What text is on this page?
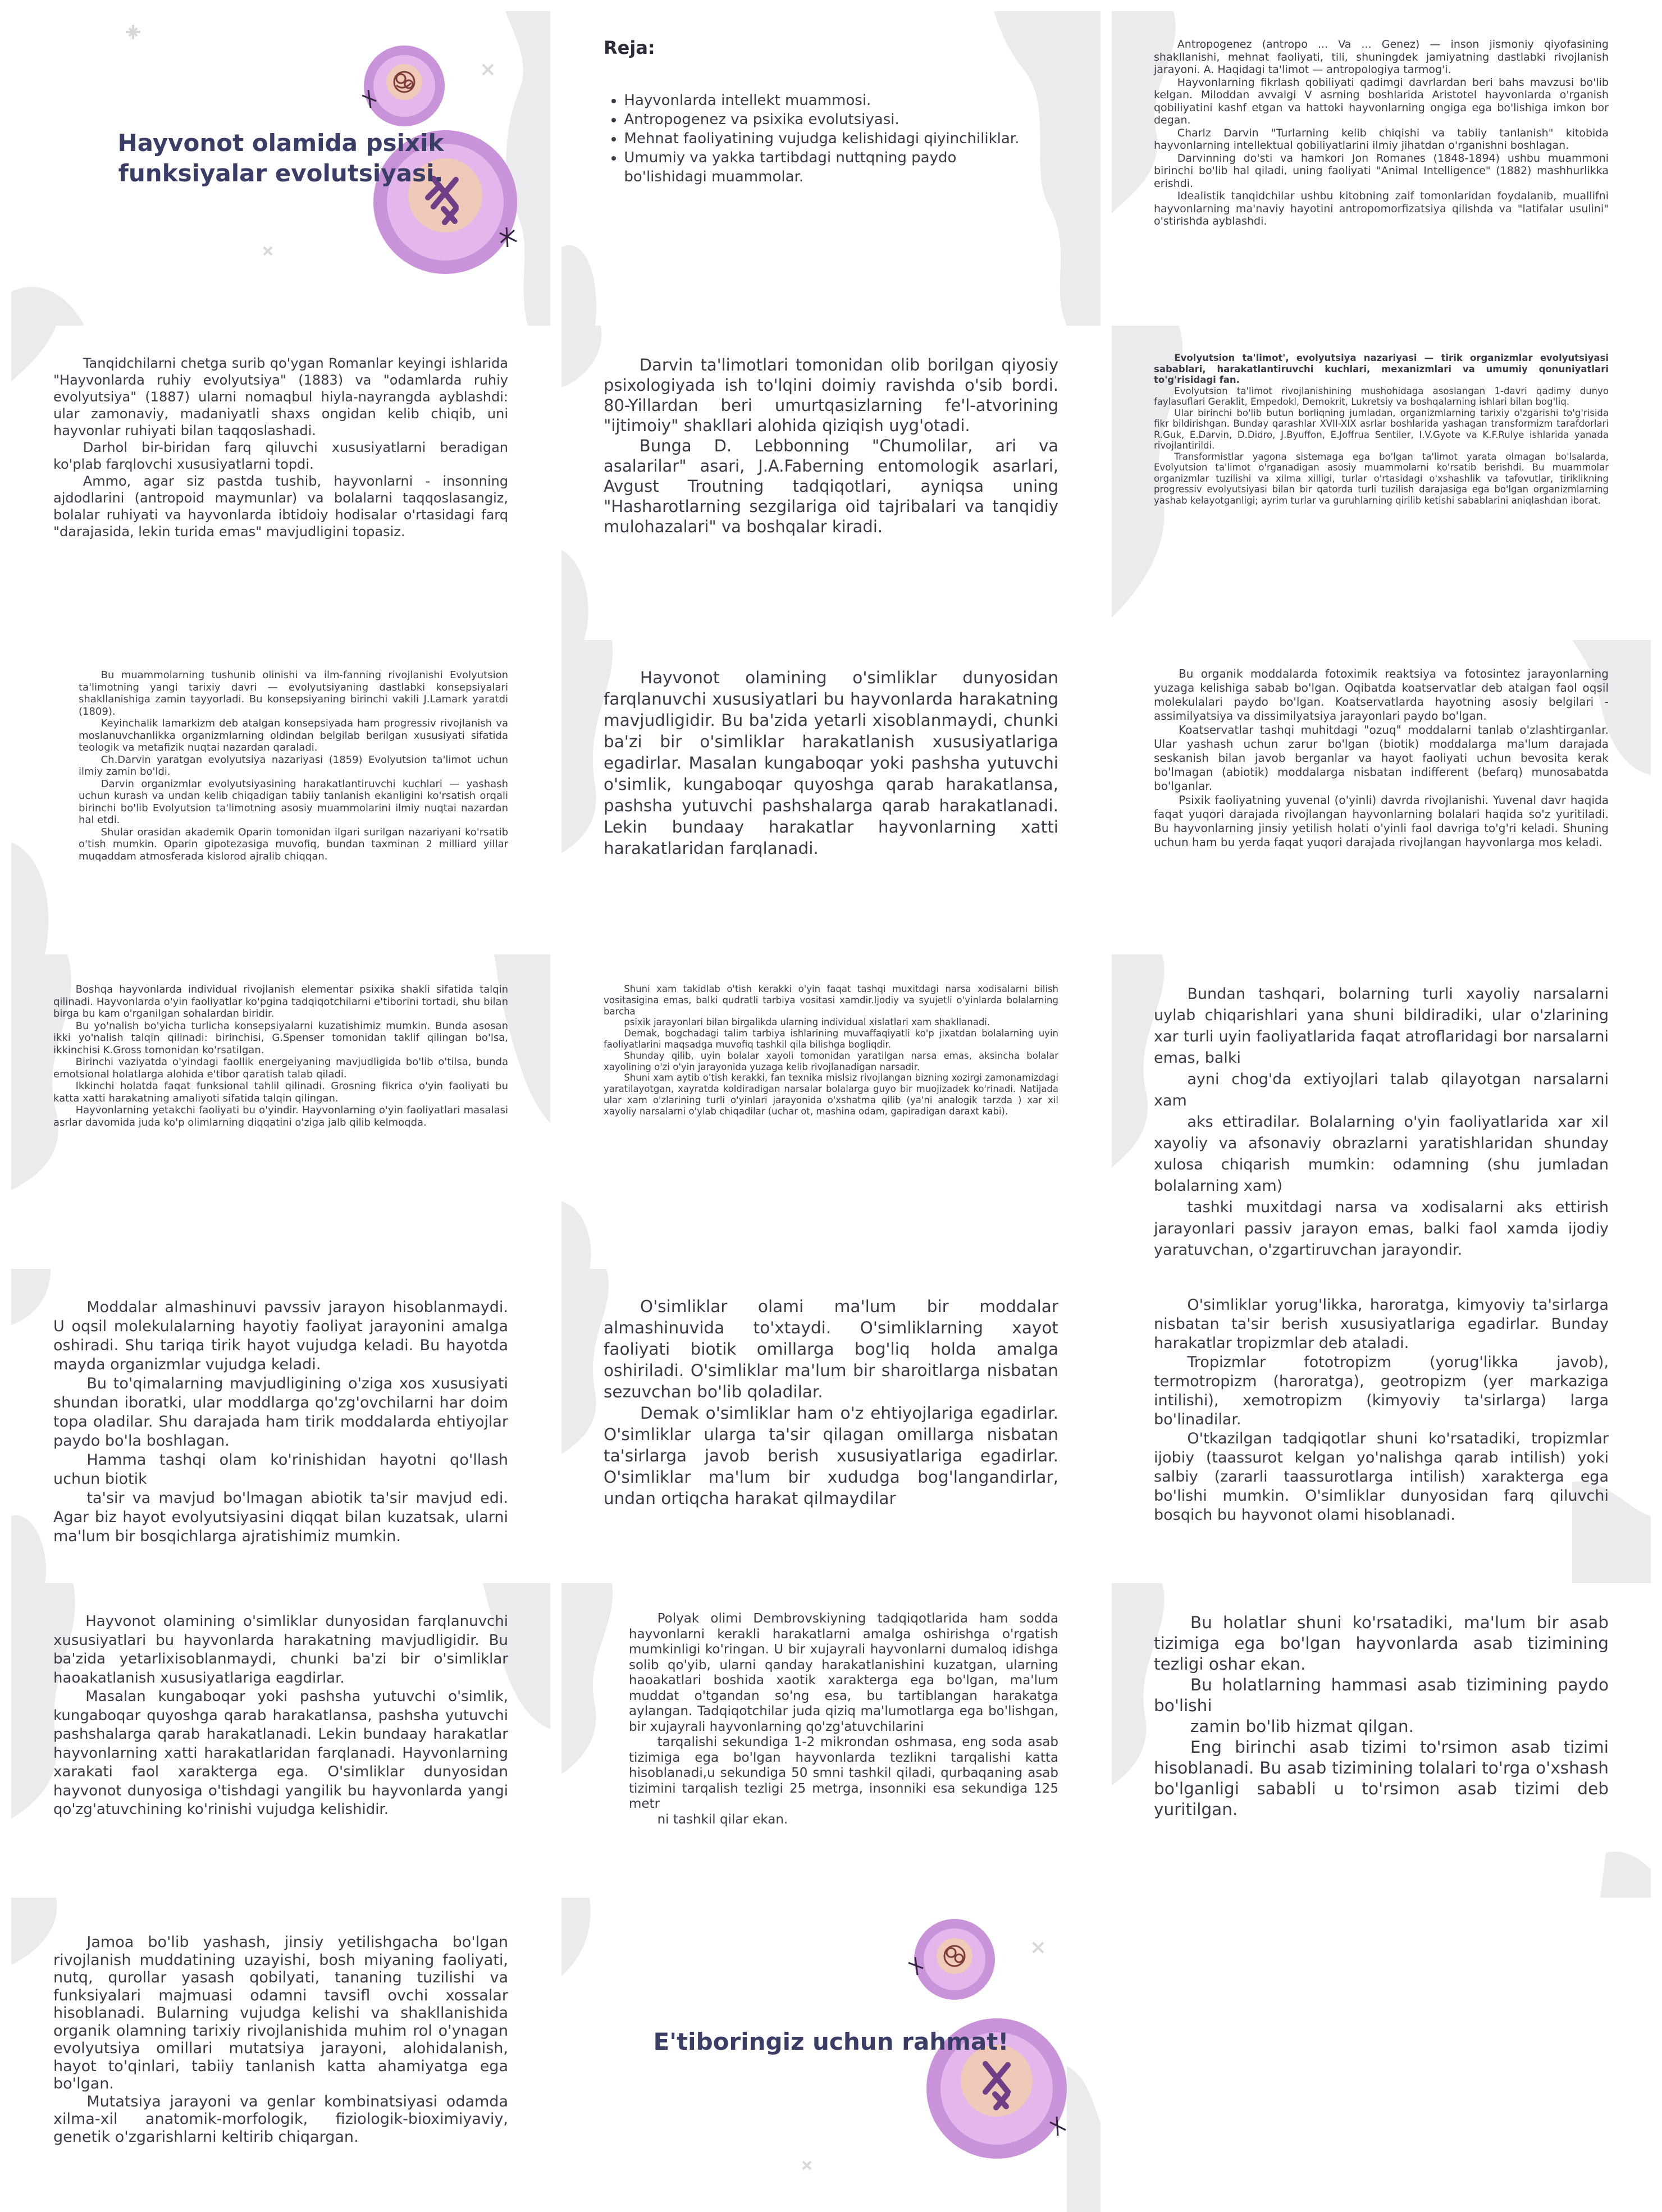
Hayvonot olamida psixik funksiyalar evolutsiyasi.
Reja:
• Hayvonlarda intellekt muammosi.
• Antropogenez va psixika evolutsiyasi.
• Mehnat faoliyatining vujudga kelishidagi qiyinchiliklar.
• Umumiy va yakka tartibdagi nuttqning paydo bo'lishidagi muammolar.

Antropogenez (antropo ... Va ... Genez) — inson jismoniy qiyofasining shakllanishi, mehnat faoliyati, tili, shuningdek jamiyatning dastlabki rivojlanish jarayoni. A. Haqidagi ta'limot — antropologiya tarmog'i.

Hayvonlarning fikrlash qobiliyati qadimgi davrlardan beri bahs mavzusi bo'lib kelgan. Miloddan avvalgi V asrning boshlarida Aristotel hayvonlarda o'rganish qobiliyatini kashf etgan va hattoki hayvonlarning ongiga ega bo'lishiga imkon bor degan.

Charlz Darvin "Turlarning kelib chiqishi va tabiiy tanlanish" kitobida hayvonlarning intellektual qobiliyatlarini ilmiy jihatdan o'rganishni boshlagan.

Darvinning do'sti va hamkori Jon Romanes (1848-1894) ushbu muammoni birinchi bo'lib hal qiladi, uning faoliyati "Animal Intelligence" (1882) mashhurlikka erishdi.

Idealistik tanqidchilar ushbu kitobning zaif tomonlaridan foydalanib, muallifni hayvonlarning ma'naviy hayotini antropomorfizatsiya qilishda va "latifalar usulini" o'stirishda ayblashdi.

Tanqidchilarni chetga surib qo'ygan Romanlar keyingi ishlarida "Hayvonlarda ruhiy evolyutsiya" (1883) va "odamlarda ruhiy evolyutsiya" (1887) ularni nomaqbul hiyla-nayrangda ayblashdi: ular zamonaviy, madaniyatli shaxs ongidan kelib chiqib, uni hayvonlar ruhiyati bilan taqqoslashadi.

Darhol bir-biridan farq qiluvchi xususiyatlarni beradigan ko'plab farqlovchi xususiyatlarni topdi.

Ammo, agar siz pastda tushib, hayvonlarni - insonning ajdodlarini (antropoid maymunlar) va bolalarni taqqoslasangiz, bolalar ruhiyati va hayvonlarda ibtidoiy hodisalar o'rtasidagi farq "darajasida, lekin turida emas" mavjudligini topasiz.

Darvin ta'limotlari tomonidan olib borilgan qiyosiy psixologiyada ish to'lqini doimiy ravishda o'sib bordi. 80-Yillardan beri umurtqasizlarning fe'l-atvorining "ijtimoiy" shakllari alohida qiziqish uyg'otadi.

Bunga D. Lebbonning "Chumolilar, ari va asalarilar" asari, J.A.Faberning entomologik asarlari, Avgust Troutning tadqiqotlari, ayniqsa uning "Hasharotlarning sezgilariga oid tajribalari va tanqidiy mulohazalari" va boshqalar kiradi.

Evolyutsion ta'limot', evolyutsiya nazariyasi — tirik organizmlar evolyutsiyasi sabablari, harakatlantiruvchi kuchlari, mexanizmlari va umumiy qonuniyatlari to'g'risidagi fan.

Evolyutsion ta'limot rivojlanishining mushohidaga asoslangan 1-davri qadimy dunyo faylasuflari Geraklit, Empedokl, Demokrit, Lukretsiy va boshqalarning ishlari bilan bog'liq.

Ular birinchi bo'lib butun borliqning jumladan, organizmlarning tarixiy o'zgarishi to'g'risida fikr bildirishgan. Bunday qarashlar XVII-XIX asrlar boshlarida yashagan transformizm tarafdorlari R.Guk, E.Darvin, D.Didro, J.Byuffon, E.Joffrua Sentiler, I.V.Gyote va K.F.Rulye ishlarida yanada rivojlantirildi.

Transformistlar yagona sistemaga ega bo'lgan ta'limot yarata olmagan bo'lsalarda, Evolyutsion ta'limot o'rganadigan asosiy muammolarni ko'rsatib berishdi. Bu muammolar organizmlar tuzilishi va xilma xilligi, turlar o'rtasidagi o'xshashlik va tafovutlar, tiriklikning progressiv evolyutsiyasi bilan bir qatorda turli tuzilish darajasiga ega bo'lgan organizmlarning yashab kelayotganligi; ayrim turlar va guruhlarning qirilib ketishi sabablarini aniqlashdan iborat.

Bu muammolarning tushunib olinishi va ilm-fanning rivojlanishi Evolyutsion ta'limotning yangi tarixiy davri — evolyutsiyaning dastlabki konsepsiyalari shakllanishiga zamin tayyorladi. Bu konsepsiyaning birinchi vakili J.Lamark yaratdi (1809).

Keyinchalik lamarkizm deb atalgan konsepsiyada ham progressiv rivojlanish va moslanuvchanlikka organizmlarning oldindan belgilab berilgan xususiyati sifatida teologik va metafizik nuqtai nazardan qaraladi.

Ch.Darvin yaratgan evolyutsiya nazariyasi (1859) Evolyutsion ta'limot uchun ilmiy zamin bo'ldi.

Darvin organizmlar evolyutsiyasining harakatlantiruvchi kuchlari — yashash uchun kurash va undan kelib chiqadigan tabiiy tanlanish ekanligini ko'rsatish orqali birinchi bo'lib Evolyutsion ta'limotning asosiy muammolarini ilmiy nuqtai nazardan hal etdi.

Shular orasidan akademik Oparin tomonidan ilgari surilgan nazariyani ko'rsatib o'tish mumkin. Oparin gipotezasiga muvofiq, bundan taxminan 2 milliard yillar muqaddam atmosferada kislorod ajralib chiqqan.

Hayvonot olamining o'simliklar dunyosidan farqlanuvchi xususiyatlari bu hayvonlarda harakatning mavjudligidir. Bu ba'zida yetarli xisoblanmaydi, chunki ba'zi bir o'simliklar harakatlanish xususiyatlariga egadirlar. Masalan kungaboqar yoki pashsha yutuvchi o'simlik, kungaboqar quyoshga qarab harakatlansa, pashsha yutuvchi pashshalarga qarab harakatlanadi. Lekin bundaay harakatlar hayvonlarning xatti harakatlaridan farqlanadi.

Bu organik moddalarda fotoximik reaktsiya va fotosintez jarayonlarning yuzaga kelishiga sabab bo'lgan. Oqibatda koatservatlar deb atalgan faol oqsil molekulalari paydo bo'lgan. Koatservatlarda hayotning asosiy belgilari - assimilyatsiya va dissimilyatsiya jarayonlari paydo bo'lgan.

Koatservatlar tashqi muhitdagi "ozuq" moddalarni tanlab o'zlashtirganlar. Ular yashash uchun zarur bo'lgan (biotik) moddalarga ma'lum darajada seskanish bilan javob berganlar va hayot faoliyati uchun bevosita kerak bo'lmagan (abiotik) moddalarga nisbatan indifferent (befarq) munosabatda bo'lganlar.

Psixik faoliyatning yuvenal (o'yinli) davrda rivojlanishi. Yuvenal davr haqida faqat yuqori darajada rivojlangan hayvonlarning bolalari haqida so'z yuritiladi. Bu hayvonlarning jinsiy yetilish holati o'yinli faol davriga to'g'ri keladi. Shuning uchun ham bu yerda faqat yuqori darajada rivojlangan hayvonlarga mos keladi.

Boshqa hayvonlarda individual rivojlanish elementar psixika shakli sifatida talqin qilinadi. Hayvonlarda o'yin faoliyatlar ko'pgina tadqiqotchilarni e'tiborini tortadi, shu bilan birga bu kam o'rganilgan sohalardan biridir.

Bu yo'nalish bo'yicha turlicha konsepsiyalarni kuzatishimiz mumkin. Bunda asosan ikki yo'nalish talqin qilinadi: birinchisi, G.Spenser tomonidan taklif qilingan bo'lsa, ikkinchisi K.Gross tomonidan ko'rsatilgan.

Birinchi vaziyatda o'yindagi faollik energeiyaning mavjudligida bo'lib o'tilsa, bunda emotsional holatlarga alohida e'tibor qaratish talab qiladi.

Ikkinchi holatda faqat funksional tahlil qilinadi. Grosning fikrica o'yin faoliyati bu katta xatti harakatning amaliyoti sifatida talqin qilingan.

Hayvonlarning yetakchi faoliyati bu o'yindir. Hayvonlarning o'yin faoliyatlari masalasi asrlar davomida juda ko'p olimlarning diqqatini o'ziga jalb qilib kelmoqda.

Shuni xam takidlab o'tish kerakki o'yin faqat tashqi muxitdagi narsa xodisalarni bilish vositasigina emas, balki qudratli tarbiya vositasi xamdir.Ijodiy va syujetli o'yinlarda bolalarning barcha

psixik jarayonlari bilan birgalikda ularning individual xislatlari xam shakllanadi.

Demak, bogchadagi talim tarbiya ishlarining muvaffaqiyatli ko'p jixatdan bolalarning uyin faoliyatlarini maqsadga muvofiq tashkil qila bilishga bogliqdir.

Shunday qilib, uyin bolalar xayoli tomonidan yaratilgan narsa emas, aksincha bolalar xayolining o'zi o'yin jarayonida yuzaga kelib rivojlanadigan narsadir.

Shuni xam aytib o'tish kerakki, fan texnika mislsiz rivojlangan bizning xozirgi zamonamizdagi yaratilayotgan, xayratda koldiradigan narsalar bolalarga guyo bir muojizadek ko'rinadi. Natijada ular xam o'zlarining turli o'yinlari jarayonida o'xshatma qilib (ya'ni analogik tarzda ) xar xil xayoliy narsalarni o'ylab chiqadilar (uchar ot, mashina odam, gapiradigan daraxt kabi).

Bundan tashqari, bolarning turli xayoliy narsalarni uylab chiqarishlari yana shuni bildiradiki, ular o'zlarining xar turli uyin faoliyatlarida faqat atroflaridagi bor narsalarni emas, balki

ayni chog'da extiyojlari talab qilayotgan narsalarni xam

aks ettiradilar. Bolalarning o'yin faoliyatlarida xar xil xayoliy va afsonaviy obrazlarni yaratishlaridan shunday xulosa chiqarish mumkin: odamning (shu jumladan bolalarning xam)

tashki muxitdagi narsa va xodisalarni aks ettirish jarayonlari passiv jarayon emas, balki faol xamda ijodiy yaratuvchan, o'zgartiruvchan jarayondir.

Moddalar almashinuvi pavssiv jarayon hisoblanmaydi. U oqsil molekulalarning hayotiy faoliyat jarayonini amalga oshiradi. Shu tariqa tirik hayot vujudga keladi. Bu hayotda mayda organizmlar vujudga keladi.

Bu to'qimalarning mavjudligining o'ziga xos xususiyati shundan iboratki, ular moddlarga qo'zg'ovchilarni har doim topa oladilar. Shu darajada ham tirik moddalarda ehtiyojlar paydo bo'la boshlagan.

Hamma tashqi olam ko'rinishidan hayotni qo'llash uchun biotik

ta'sir va mavjud bo'lmagan abiotik ta'sir mavjud edi. Agar biz hayot evolyutsiyasini diqqat bilan kuzatsak, ularni ma'lum bir bosqichlarga ajratishimiz mumkin.

O'simliklar olami ma'lum bir moddalar almashinuvida to'xtaydi. O'simliklarning xayot faoliyati biotik omillarga bog'liq holda amalga oshiriladi. O'simliklar ma'lum bir sharoitlarga nisbatan sezuvchan bo'lib qoladilar.

Demak o'simliklar ham o'z ehtiyojlariga egadirlar. O'simliklar ularga ta'sir qilagan omillarga nisbatan ta'sirlarga javob berish xususiyatlariga egadirlar. O'simliklar ma'lum bir xududga bog'langandirlar, undan ortiqcha harakat qilmaydilar

O'simliklar yorug'likka, haroratga, kimyoviy ta'sirlarga nisbatan ta'sir berish xususiyatlariga egadirlar. Bunday harakatlar tropizmlar deb ataladi.

Tropizmlar fototropizm (yorug'likka javob), termotropizm (haroratga), geotropizm (yer markaziga intilishi), xemotropizm (kimyoviy ta'sirlarga) larga bo'linadilar.

O'tkazilgan tadqiqotlar shuni ko'rsatadiki, tropizmlar ijobiy (taassurot kelgan yo'nalishga qarab intilish) yoki salbiy (zararli taassurotlarga intilish) xarakterga ega bo'lishi mumkin. O'simliklar dunyosidan farq qiluvchi bosqich bu hayvonot olami hisoblanadi.

Hayvonot olamining o'simliklar dunyosidan farqlanuvchi xususiyatlari bu hayvonlarda harakatning mavjudligidir. Bu ba'zida yetarlixisoblanmaydi, chunki ba'zi bir o'simliklar haoakatlanish xususiyatlariga eagdirlar.

Masalan kungaboqar yoki pashsha yutuvchi o'simlik, kungaboqar quyoshga qarab harakatlansa, pashsha yutuvchi pashshalarga qarab harakatlanadi. Lekin bundaay harakatlar hayvonlarning xatti harakatlaridan farqlanadi. Hayvonlarning xarakati faol xarakterga ega. O'simliklar dunyosidan hayvonot dunyosiga o'tishdagi yangilik bu hayvonlarda yangi qo'zg'atuvchining ko'rinishi vujudga kelishidir.

Polyak olimi Dembrovskiyning tadqiqotlarida ham sodda hayvonlarni kerakli harakatlarni amalga oshirishga o'rgatish mumkinligi ko'ringan. U bir xujayrali hayvonlarni dumaloq idishga solib qo'yib, ularni qanday harakatlanishini kuzatgan, ularning haoakatlari boshida xaotik xarakterga ega bo'lgan, ma'lum muddat o'tgandan so'ng esa, bu tartiblangan harakatga aylangan. Tadqiqotchilar juda qiziq ma'lumotlarga ega bo'lishgan, bir xujayrali hayvonlarning qo'zg'atuvchilarini

tarqalishi sekundiga 1-2 mikrondan oshmasa, eng soda asab tizimiga ega bo'lgan hayvonlarda tezlikni tarqalishi katta hisoblanadi,u sekundiga 50 smni tashkil qiladi, qurbaqaning asab tizimini tarqalish tezligi 25 metrga, insonniki esa sekundiga 125 metr

ni tashkil qilar ekan.

Bu holatlar shuni ko'rsatadiki, ma'lum bir asab tizimiga ega bo'lgan hayvonlarda asab tizimining tezligi oshar ekan.

Bu holatlarning hammasi asab tizimining paydo bo'lishi

zamin bo'lib hizmat qilgan.

Eng birinchi asab tizimi to'rsimon asab tizimi hisoblanadi. Bu asab tizimining tolalari to'rga o'xshash bo'lganligi sababli u to'rsimon asab tizimi deb yuritilgan.

Jamoa bo'lib yashash, jinsiy yetilishgacha bo'lgan rivojlanish muddatining uzayishi, bosh miyaning faoliyati, nutq, qurollar yasash qobilyati, tananing tuzilishi va funksiyalari majmuasi odamni tavsifl ovchi xossalar hisoblanadi. Bularning vujudga kelishi va shakllanishida organik olamning tarixiy rivojlanishida muhim rol o'ynagan evolyutsiya omillari mutatsiya jarayoni, alohidalanish, hayot to'qinlari, tabiiy tanlanish katta ahamiyatga ega bo'lgan.

Mutatsiya jarayoni va genlar kombinatsiyasi odamda xilma-xil anatomik-morfologik, fiziologik-bioximiyaviy, genetik o'zgarishlarni keltirib chiqargan.

E'tiboringiz uchun rahmat!
